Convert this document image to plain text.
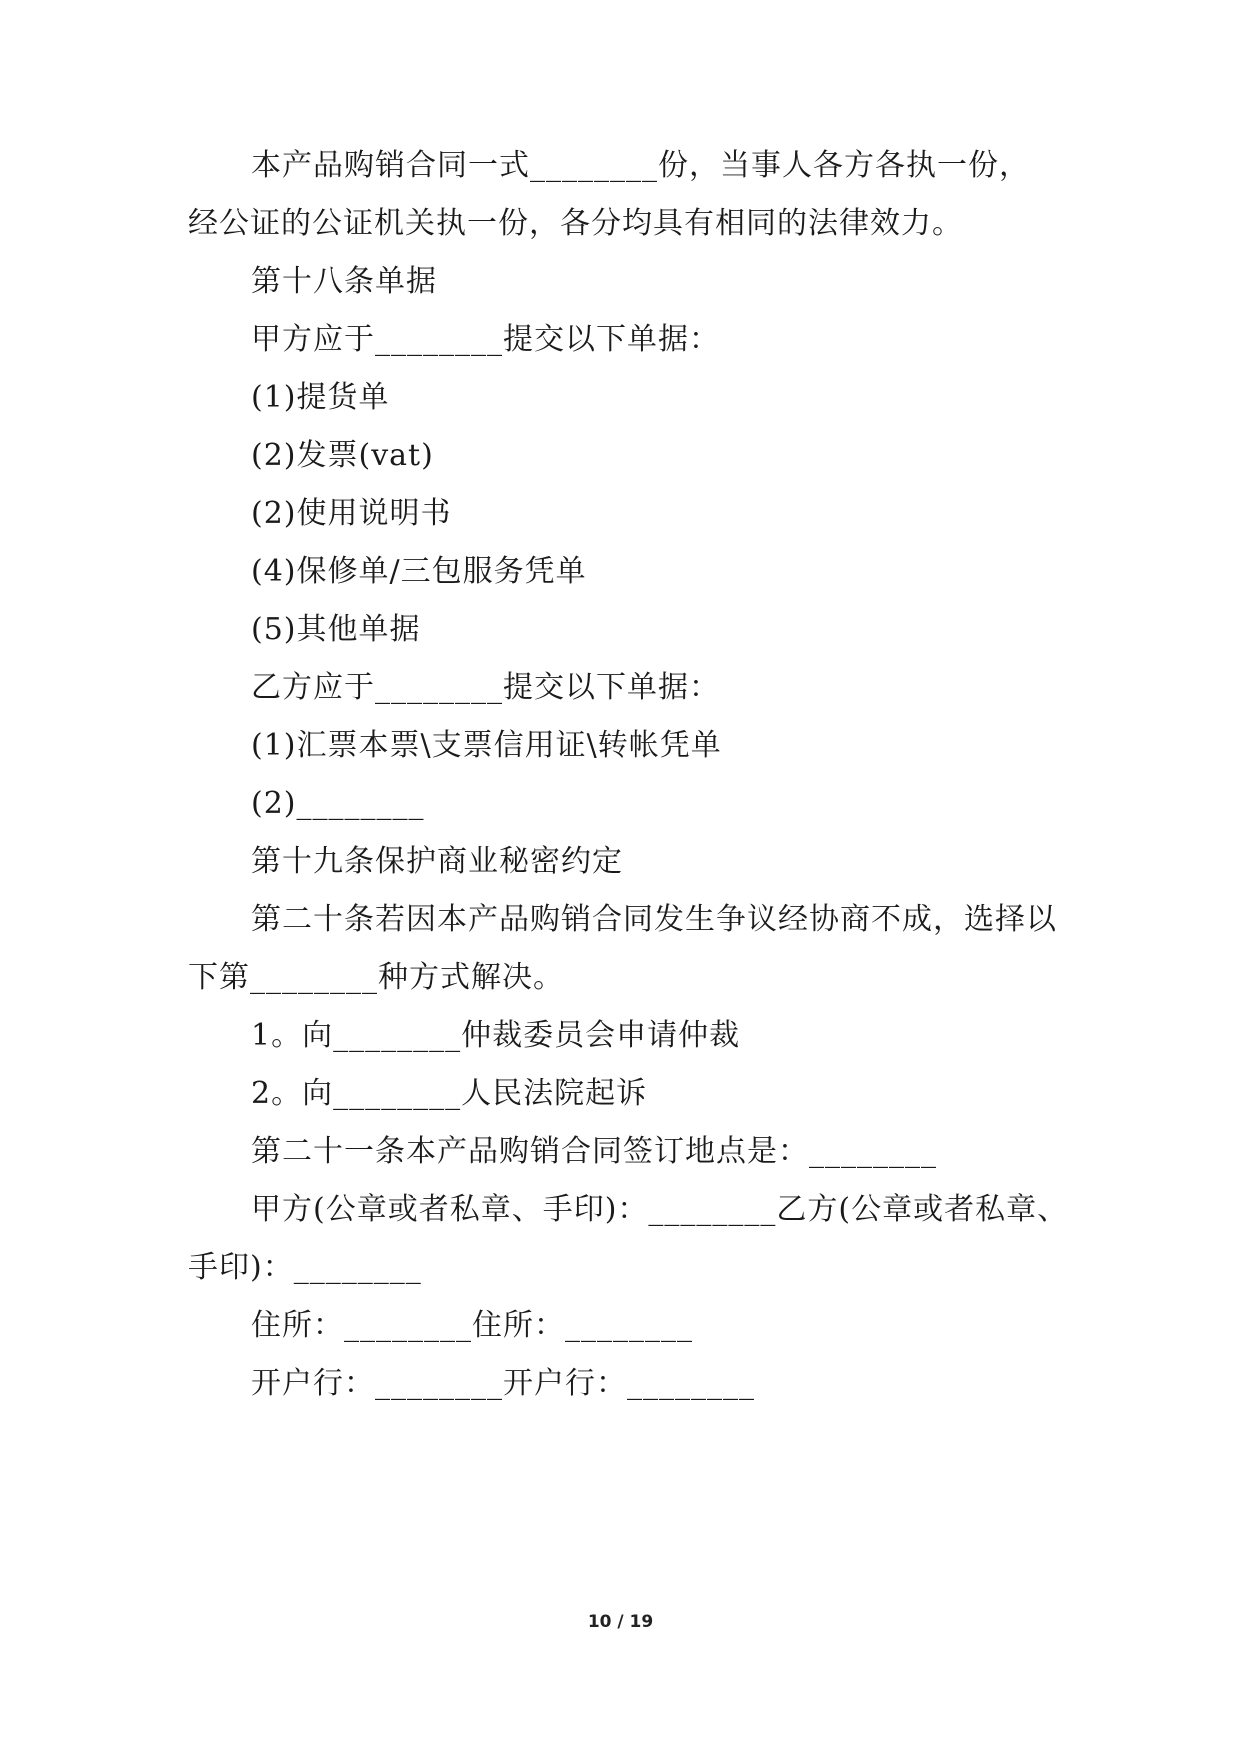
本产品购销合同一式________份，当事人各方各执一份，
经公证的公证机关执一份，各分均具有相同的法律效力。
第十八条单据
甲方应于________提交以下单据：
(1)提货单
(2)发票(vat)
(2)使用说明书
(4)保修单/三包服务凭单
(5)其他单据
乙方应于________提交以下单据：
(1)汇票本票\支票信用证\转帐凭单
(2)________
第十九条保护商业秘密约定
第二十条若因本产品购销合同发生争议经协商不成，选择以
下第________种方式解决。
1。向________仲裁委员会申请仲裁
2。向________人民法院起诉
第二十一条本产品购销合同签订地点是：________
甲方(公章或者私章、手印)：________乙方(公章或者私章、
手印)：________
住所：________住所：________
开户行：________开户行：________
10 / 19
